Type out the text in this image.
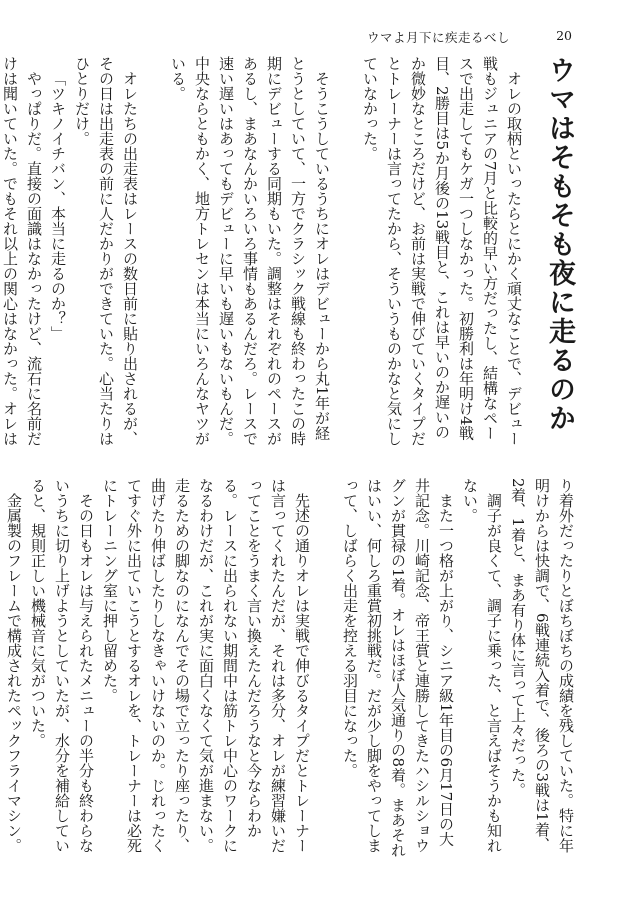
ウマよ月下に疾走るべし	20
ウマはそもそも夜に走るのか

オレの取柄といったらとにかく頑丈なことで、デビュー戦もジュニアの7月と比較的早い方だったし、結構なペースで出走してもケガ一つしなかった。初勝利は年明け4戦目、2勝目は5か月後の13戦目と、これは早いのか遅いのか微妙なところだけど、お前は実戦で伸びていくタイプだとトレーナーは言ってたから、そういうものかなと気にしていなかった。

そうこうしているうちにオレはデビューから丸1年が経とうとしていて、一方でクラシック戦線も終わったこの時期にデビューする同期もいた。調整はそれぞれのペースがあるし、まあなんかいろいろ事情もあるんだろ。レースで速い遅いはあってもデビューに早いも遅いもないもんだ。中央ならともかく、地方トレセンは本当にいろんなヤツがいる。

オレたちの出走表はレースの数日前に貼り出されるが、その日は出走表の前に人だかりができていた。心当たりはひとりだけ。

「ツキノイチバン、本当に走るのか？」

やっぱりだ。直接の面識はなかったけど、流石に名前だけは聞いていた。でもそれ以上の関心はなかった。オレは

り着外だったりとぼちぼちの成績を残していた。特に年明けからは快調で、6戦連続入着で、後ろの3戦は1着、2着、1着と、まあ有り体に言って上々だった。

調子が良くて、調子に乗った、と言えばそうかも知れない。

また一つ格が上がり、シニア級1年目の6月17日の大井記念。川崎記念、帝王賞と連勝してきたハシルショウグンが貫禄の1着。オレはほぼ人気通りの8着。まあそれはいい、何しろ重賞初挑戦だ。だが少し脚をやってしまって、しばらく出走を控える羽目になった。

先述の通りオレは実戦で伸びるタイプだとトレーナーは言ってくれたんだが、それは多分、オレが練習嫌いだってことをうまく言い換えたんだろうなと今ならわかる。レースに出られない期間中は筋トレ中心のワークになるわけだが、これが実に面白くなくて気が進まない。走るための脚なのになんでその場で立ったり座ったり、曲げたり伸ばしたりしなきゃいけないのか。じれったくてすぐ外に出ていこうとするオレを、トレーナーは必死にトレーニング室に押し留めた。

その日もオレは与えられたメニューの半分も終わらないうちに切り上げようとしていたが、水分を補給していると、規則正しい機械音に気がついた。

金属製のフレームで構成されたペックフライマシン。
